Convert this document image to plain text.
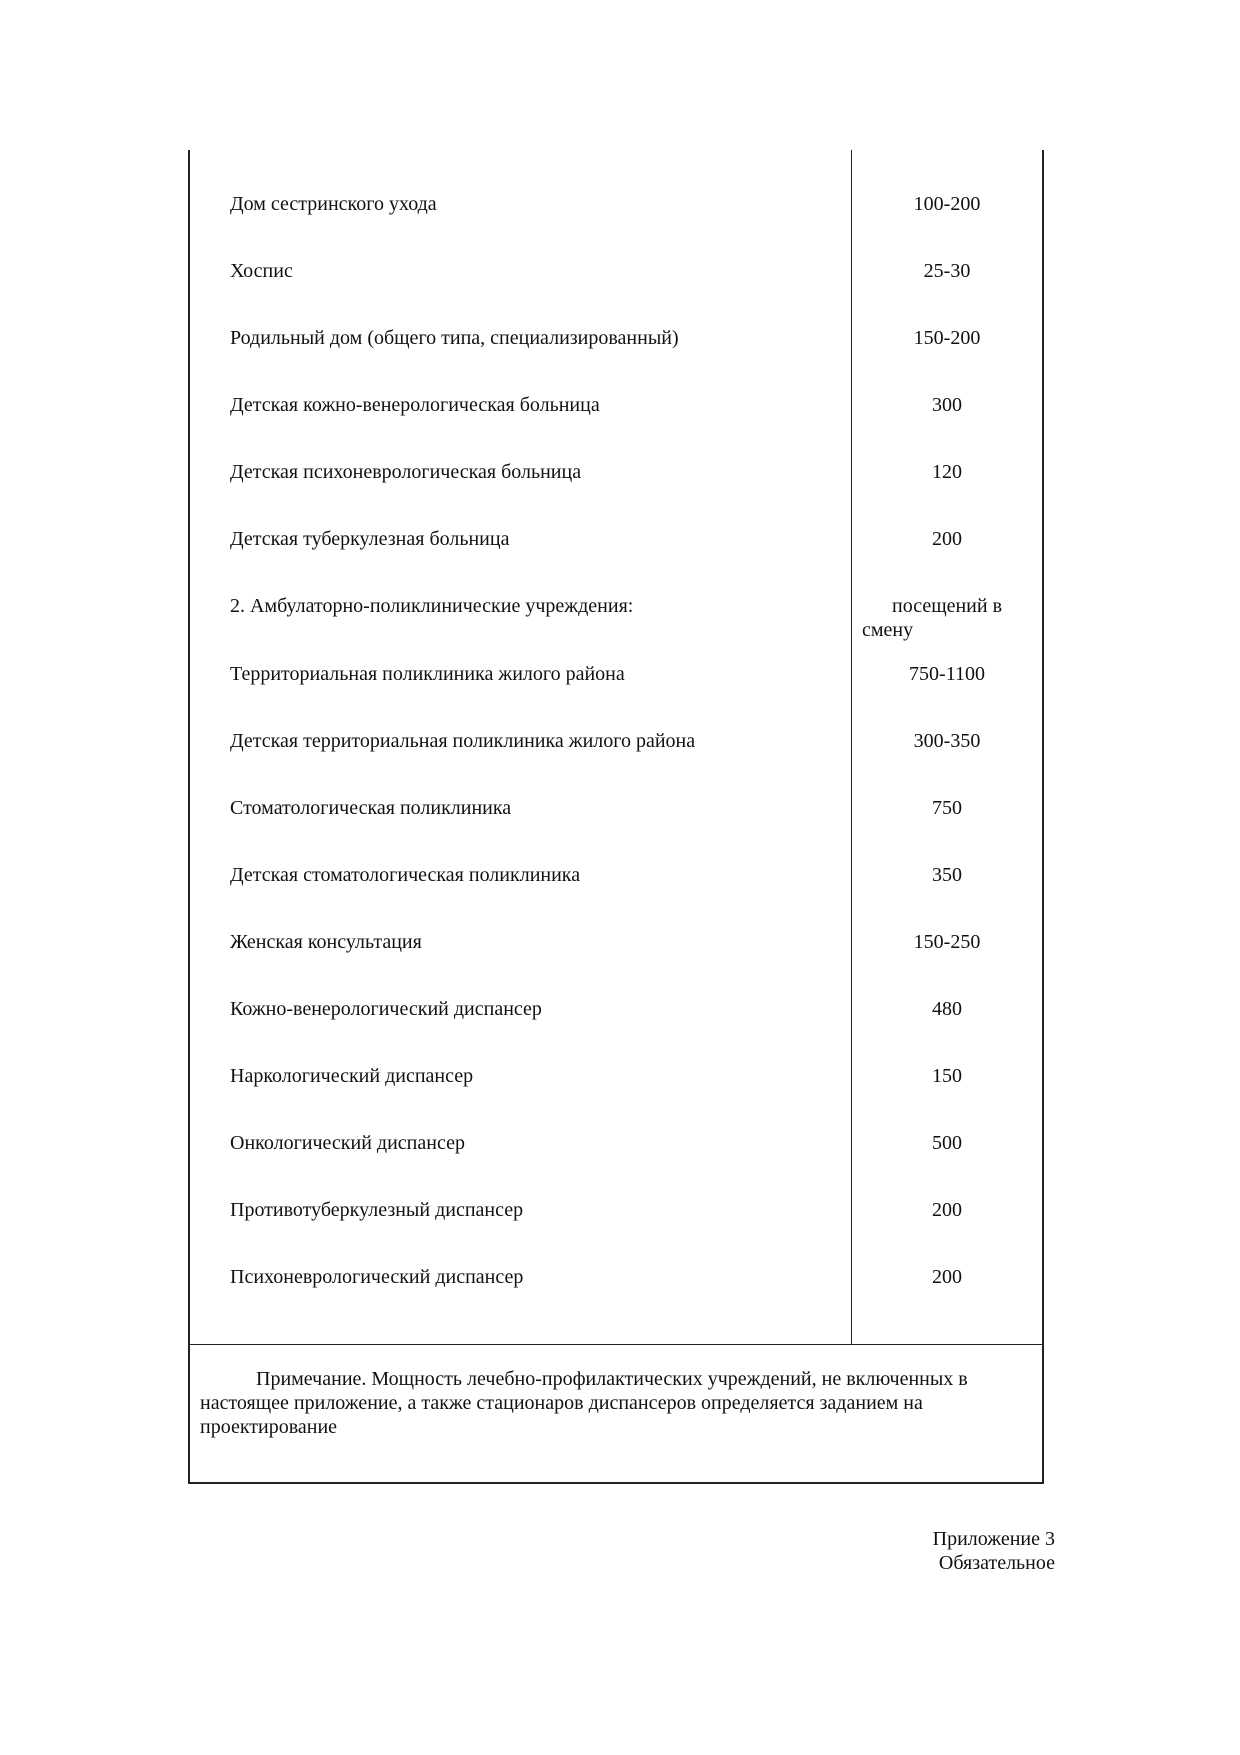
Дом сестринского ухода	100-200
Хоспис	25-30
Родильный дом (общего типа, специализированный)	150-200
Детская кожно-венерологическая больница	300
Детская психоневрологическая больница	120
Детская туберкулезная больница	200
2. Амбулаторно-поликлинические учреждения:	посещений в смену
Территориальная поликлиника жилого района	750-1100
Детская территориальная поликлиника жилого района	300-350
Стоматологическая поликлиника	750
Детская стоматологическая поликлиника	350
Женская консультация	150-250
Кожно-венерологический диспансер	480
Наркологический диспансер	150
Онкологический диспансер	500
Противотуберкулезный диспансер	200
Психоневрологический диспансер	200
Примечание. Мощность лечебно-профилактических учреждений, не включенных в настоящее приложение, а также стационаров диспансеров определяется заданием на проектирование
Приложение 3
Обязательное
